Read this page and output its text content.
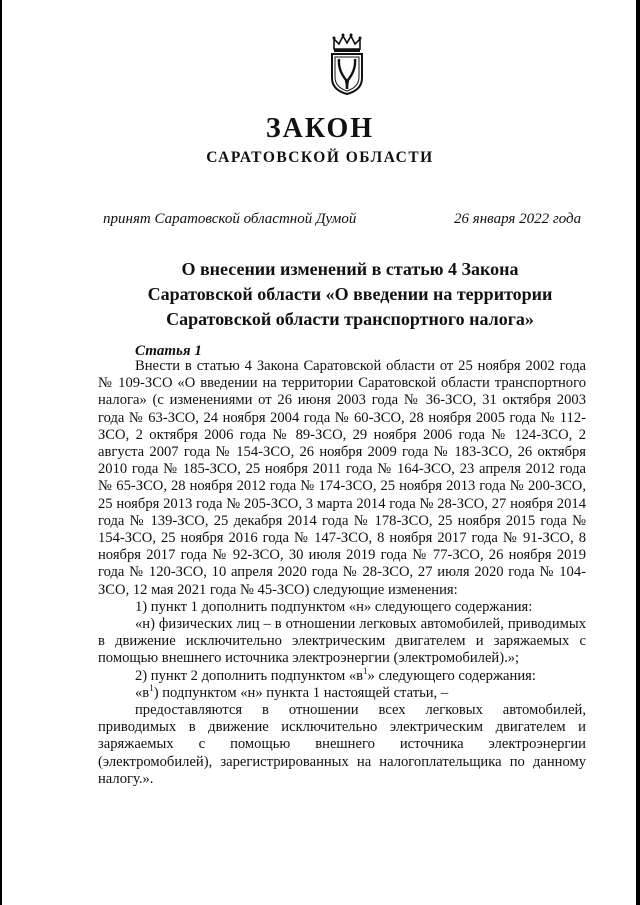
ЗАКОН
САРАТОВСКОЙ ОБЛАСТИ
принят Саратовской областной Думой	26 января 2022 года
О внесении изменений в статью 4 Закона
Саратовской области «О введении на территории
Саратовской области транспортного налога»
Статья 1

Внести в статью 4 Закона Саратовской области от 25 ноября 2002 года № 109-ЗСО «О введении на территории Саратовской области транспортного налога» (с изменениями от 26 июня 2003 года № 36-ЗСО, 31 октября 2003 года № 63-ЗСО, 24 ноября 2004 года № 60-ЗСО, 28 ноября 2005 года № 112-ЗСО, 2 октября 2006 года № 89-ЗСО, 29 ноября 2006 года № 124-ЗСО, 2 августа 2007 года № 154-ЗСО, 26 ноября 2009 года № 183-ЗСО, 26 октября 2010 года № 185-ЗСО, 25 ноября 2011 года № 164-ЗСО, 23 апреля 2012 года № 65-ЗСО, 28 ноября 2012 года № 174-ЗСО, 25 ноября 2013 года № 200-ЗСО, 25 ноября 2013 года № 205-ЗСО, 3 марта 2014 года № 28-ЗСО, 27 ноября 2014 года № 139-ЗСО, 25 декабря 2014 года № 178-ЗСО, 25 ноября 2015 года № 154-ЗСО, 25 ноября 2016 года № 147-ЗСО, 8 ноября 2017 года № 91-ЗСО, 8 ноября 2017 года № 92-ЗСО, 30 июля 2019 года № 77-ЗСО, 26 ноября 2019 года № 120-ЗСО, 10 апреля 2020 года № 28-ЗСО, 27 июля 2020 года № 104-ЗСО, 12 мая 2021 года № 45-ЗСО) следующие изменения:

1) пункт 1 дополнить подпунктом «н» следующего содержания:

«н) физических лиц – в отношении легковых автомобилей, приводимых в движение исключительно электрическим двигателем и заряжаемых с помощью внешнего источника электроэнергии (электромобилей).»;

2) пункт 2 дополнить подпунктом «$в^1$» следующего содержания:

«$в^1$) подпунктом «н» пункта 1 настоящей статьи, –

предоставляются в отношении всех легковых автомобилей, приводимых в движение исключительно электрическим двигателем и заряжаемых с помощью внешнего источника электроэнергии (электромобилей), зарегистрированных на налогоплательщика по данному налогу.».
